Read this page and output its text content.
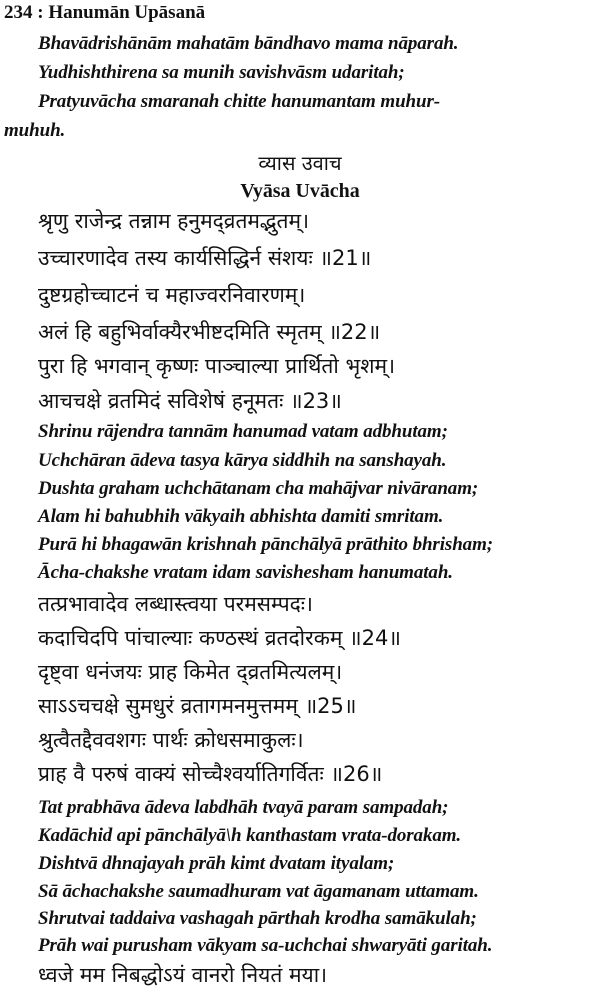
234 : Hanumān Upāsanā
Bhavādrishānām mahatām bāndhavo mama nāparah.
Yudhishthirena sa munih savishvāsm udaritah;
Pratyuvācha smaranah chitte hanumantam muhur-
muhuh.
व्यास उवाच
Vyāsa Uvācha
श्रृणु राजेन्द्र तन्नाम हनुमद्व्रतमद्भुतम्।
उच्चारणादेव तस्य कार्यसिद्धिर्न संशयः ॥21॥
दुष्टग्रहोच्चाटनं च महाज्वरनिवारणम्।
अलं हि बहुभिर्वाक्यैरभीष्टदमिति स्मृतम् ॥22॥
पुरा हि भगवान् कृष्णः पाञ्चाल्या प्रार्थितो भृशम्।
आचचक्षे व्रतमिदं सविशेषं हनूमतः ॥23॥
Shrinu rājendra tannām hanumad vatam adbhutam;
Uchchāran ādeva tasya kārya siddhih na sanshayah.
Dushta graham uchchātanam cha mahājvar nivāranam;
Alam hi bahubhih vākyaih abhishta damiti smritam.
Purā hi bhagawān krishnah pānchālyā prāthito bhrisham;
Ācha-chakshe vratam idam savishesham hanumatah.
तत्प्रभावादेव लब्धास्त्वया परमसम्पदः।
कदाचिदपि पांचाल्याः कण्ठस्थं व्रतदोरकम् ॥24॥
दृष्ट्वा धनंजयः प्राह किमेत द्व्रतमित्यलम्।
साऽऽचचक्षे सुमधुरं व्रतागमनमुत्तमम् ॥25॥
श्रुत्वैतद्दैववशगः पार्थः क्रोधसमाकुलः।
प्राह वै परुषं वाक्यं सोच्चैश्वर्यातिगर्वितः ॥26॥
Tat prabhāva ādeva labdhāh tvayā param sampadah;
Kadāchid api pānchālyā\h kanthastam vrata-dorakam.
Dishtvā dhnajayah prāh kimt dvatam ityalam;
Sā āchachakshe saumadhuram vat āgamanam uttamam.
Shrutvai taddaiva vashagah pārthah krodha samākulah;
Prāh wai purusham vākyam sa-uchchai shwaryāti garitah.
ध्वजे मम निबद्धोऽयं वानरो नियतं मया।
